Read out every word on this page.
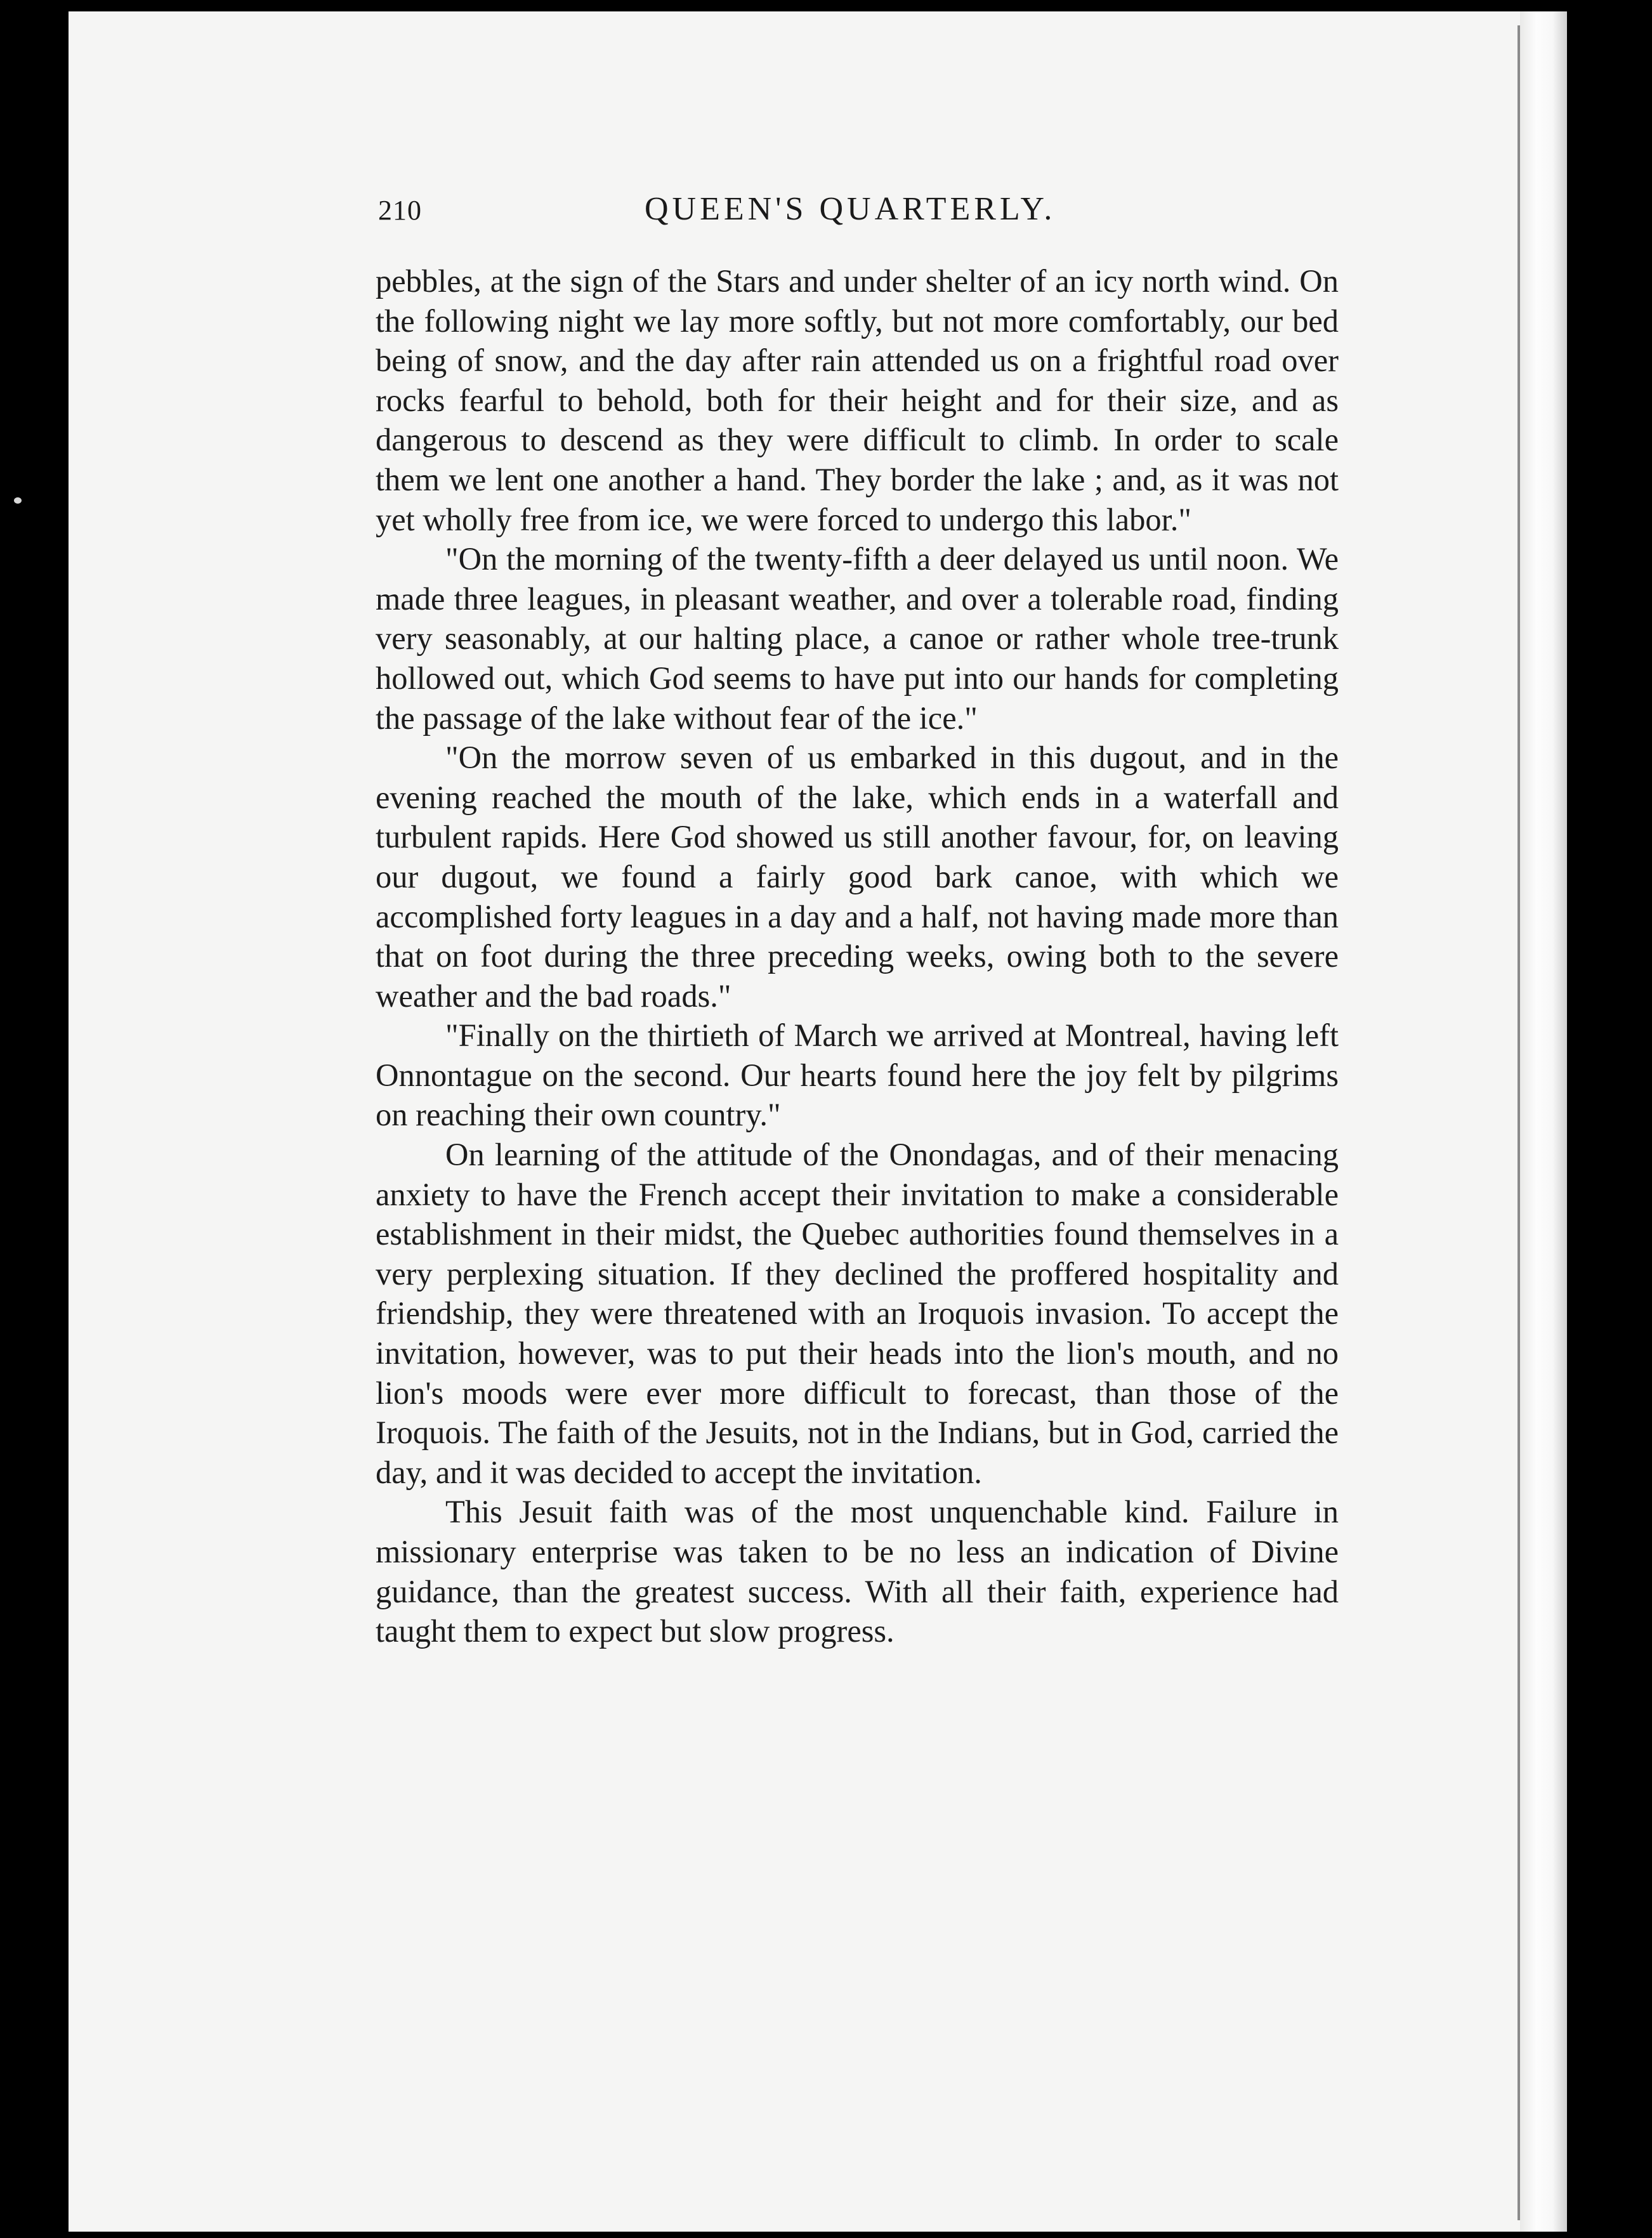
210	QUEEN'S QUARTERLY.

pebbles, at the sign of the Stars and under shelter of an icy north wind. On the following night we lay more softly, but not more comfortably, our bed being of snow, and the day after rain attended us on a frightful road over rocks fearful to behold, both for their height and for their size, and as dangerous to descend as they were difficult to climb. In order to scale them we lent one another a hand. They border the lake ; and, as it was not yet wholly free from ice, we were forced to undergo this labor."

"On the morning of the twenty-fifth a deer delayed us until noon. We made three leagues, in pleasant weather, and over a tolerable road, finding very seasonably, at our halting place, a canoe or rather whole tree-trunk hollowed out, which God seems to have put into our hands for completing the passage of the lake without fear of the ice."

"On the morrow seven of us embarked in this dugout, and in the evening reached the mouth of the lake, which ends in a waterfall and turbulent rapids. Here God showed us still another favour, for, on leaving our dugout, we found a fairly good bark canoe, with which we accomplished forty leagues in a day and a half, not having made more than that on foot during the three preceding weeks, owing both to the severe weather and the bad roads."

"Finally on the thirtieth of March we arrived at Montreal, having left Onnontague on the second. Our hearts found here the joy felt by pilgrims on reaching their own country."

On learning of the attitude of the Onondagas, and of their menacing anxiety to have the French accept their invitation to make a considerable establishment in their midst, the Quebec authorities found themselves in a very perplexing situation. If they declined the proffered hospitality and friendship, they were threatened with an Iroquois invasion. To accept the invitation, however, was to put their heads into the lion's mouth, and no lion's moods were ever more difficult to forecast, than those of the Iroquois. The faith of the Jesuits, not in the Indians, but in God, carried the day, and it was decided to accept the invitation.

This Jesuit faith was of the most unquenchable kind. Failure in missionary enterprise was taken to be no less an indication of Divine guidance, than the greatest success. With all their faith, experience had taught them to expect but slow progress.
